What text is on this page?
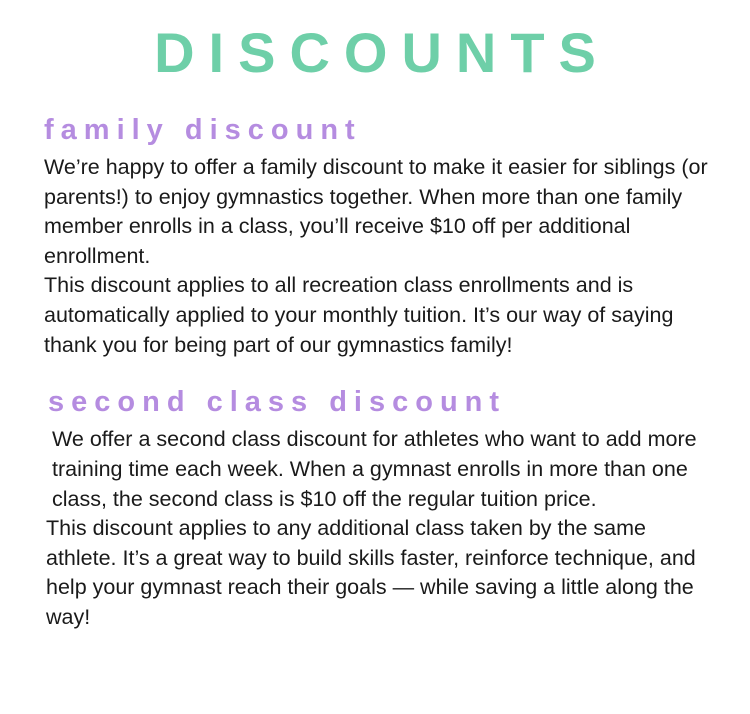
DISCOUNTS
family discount

We’re happy to offer a family discount to make it easier for siblings (or parents!) to enjoy gymnastics together. When more than one family member enrolls in a class, you’ll receive $10 off per additional enrollment.

This discount applies to all recreation class enrollments and is automatically applied to your monthly tuition. It’s our way of saying thank you for being part of our gymnastics family!

second class discount

We offer a second class discount for athletes who want to add more training time each week. When a gymnast enrolls in more than one class, the second class is $10 off the regular tuition price.

This discount applies to any additional class taken by the same athlete. It’s a great way to build skills faster, reinforce technique, and help your gymnast reach their goals — while saving a little along the way!
